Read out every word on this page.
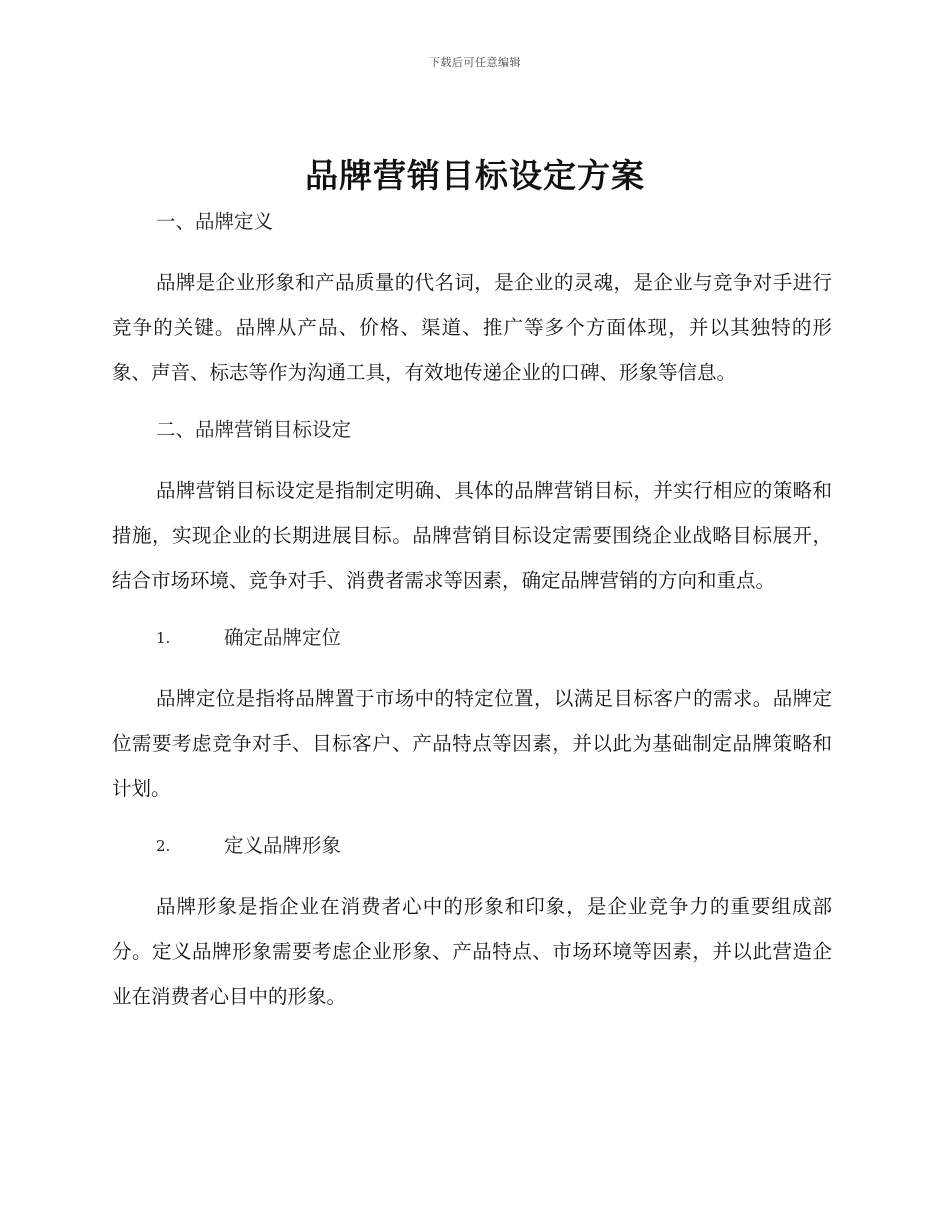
下载后可任意编辑
品牌营销目标设定方案

一、品牌定义

品牌是企业形象和产品质量的代名词，是企业的灵魂，是企业与竞争对手进行竞争的关键。品牌从产品、价格、渠道、推广等多个方面体现，并以其独特的形象、声音、标志等作为沟通工具，有效地传递企业的口碑、形象等信息。

二、品牌营销目标设定

品牌营销目标设定是指制定明确、具体的品牌营销目标，并实行相应的策略和措施，实现企业的长期进展目标。品牌营销目标设定需要围绕企业战略目标展开，结合市场环境、竞争对手、消费者需求等因素，确定品牌营销的方向和重点。

1.	确定品牌定位

品牌定位是指将品牌置于市场中的特定位置，以满足目标客户的需求。品牌定位需要考虑竞争对手、目标客户、产品特点等因素，并以此为基础制定品牌策略和计划。

2.	定义品牌形象

品牌形象是指企业在消费者心中的形象和印象，是企业竞争力的重要组成部分。定义品牌形象需要考虑企业形象、产品特点、市场环境等因素，并以此营造企业在消费者心目中的形象。
